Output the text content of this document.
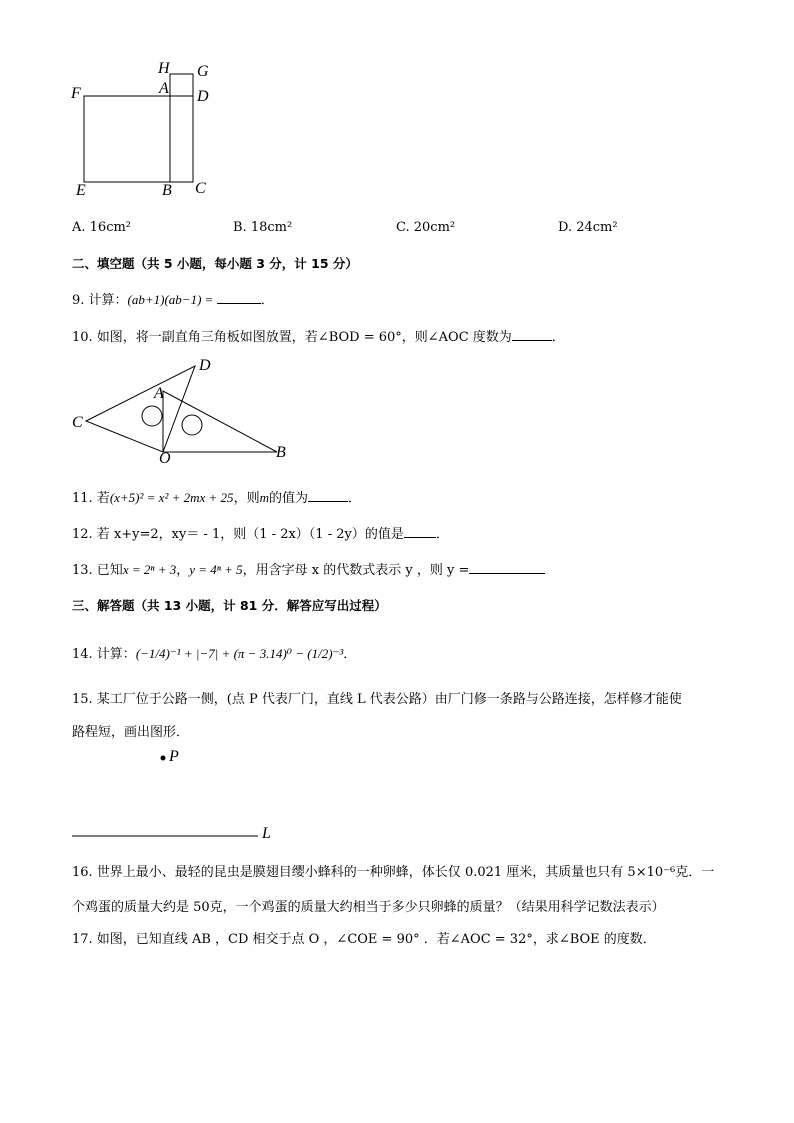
H G
F	A D
E	B C
A. 16cm²	B. 18cm²	C. 20cm²	D. 24cm²
二、填空题（共 5 小题，每小题 3 分，计 15 分）
9. 计算：(ab+1)(ab−1) =	．
10. 如图，将一副直角三角板如图放置，若∠BOD = 60°，则∠AOC 度数为	．
D
A
C
O	B
11. 若(x+5)² = x² + 2mx + 25，则m的值为	．
12. 若 x+y=2，xy＝ - 1，则（1 - 2x）（1 - 2y）的值是 ．
13. 已知x = 2ⁿ + 3，y = 4ⁿ + 5，用含字母 x 的代数式表示 y ，则 y =
三、解答题（共 13 小题，计 81 分．解答应写出过程）
14. 计算：(−1/4)⁻¹ + |−7| + (π − 3.14)⁰ − (1/2)⁻³．
15. 某工厂位于公路一侧，(点 P 代表厂门，直线 L 代表公路）由厂门修一条路与公路连接，怎样修才能使
路程短，画出图形．
P
L
16. 世界上最小、最轻的昆虫是膜翅目缨小蜂科的一种卵蜂，体长仅 0.021 厘米，其质量也只有 5×10⁻⁶克．一
个鸡蛋的质量大约是 50克，一个鸡蛋的质量大约相当于多少只卵蜂的质量？（结果用科学记数法表示）
17. 如图，已知直线 AB ，CD 相交于点 O ，∠COE = 90° ．若∠AOC = 32°，求∠BOE 的度数．
